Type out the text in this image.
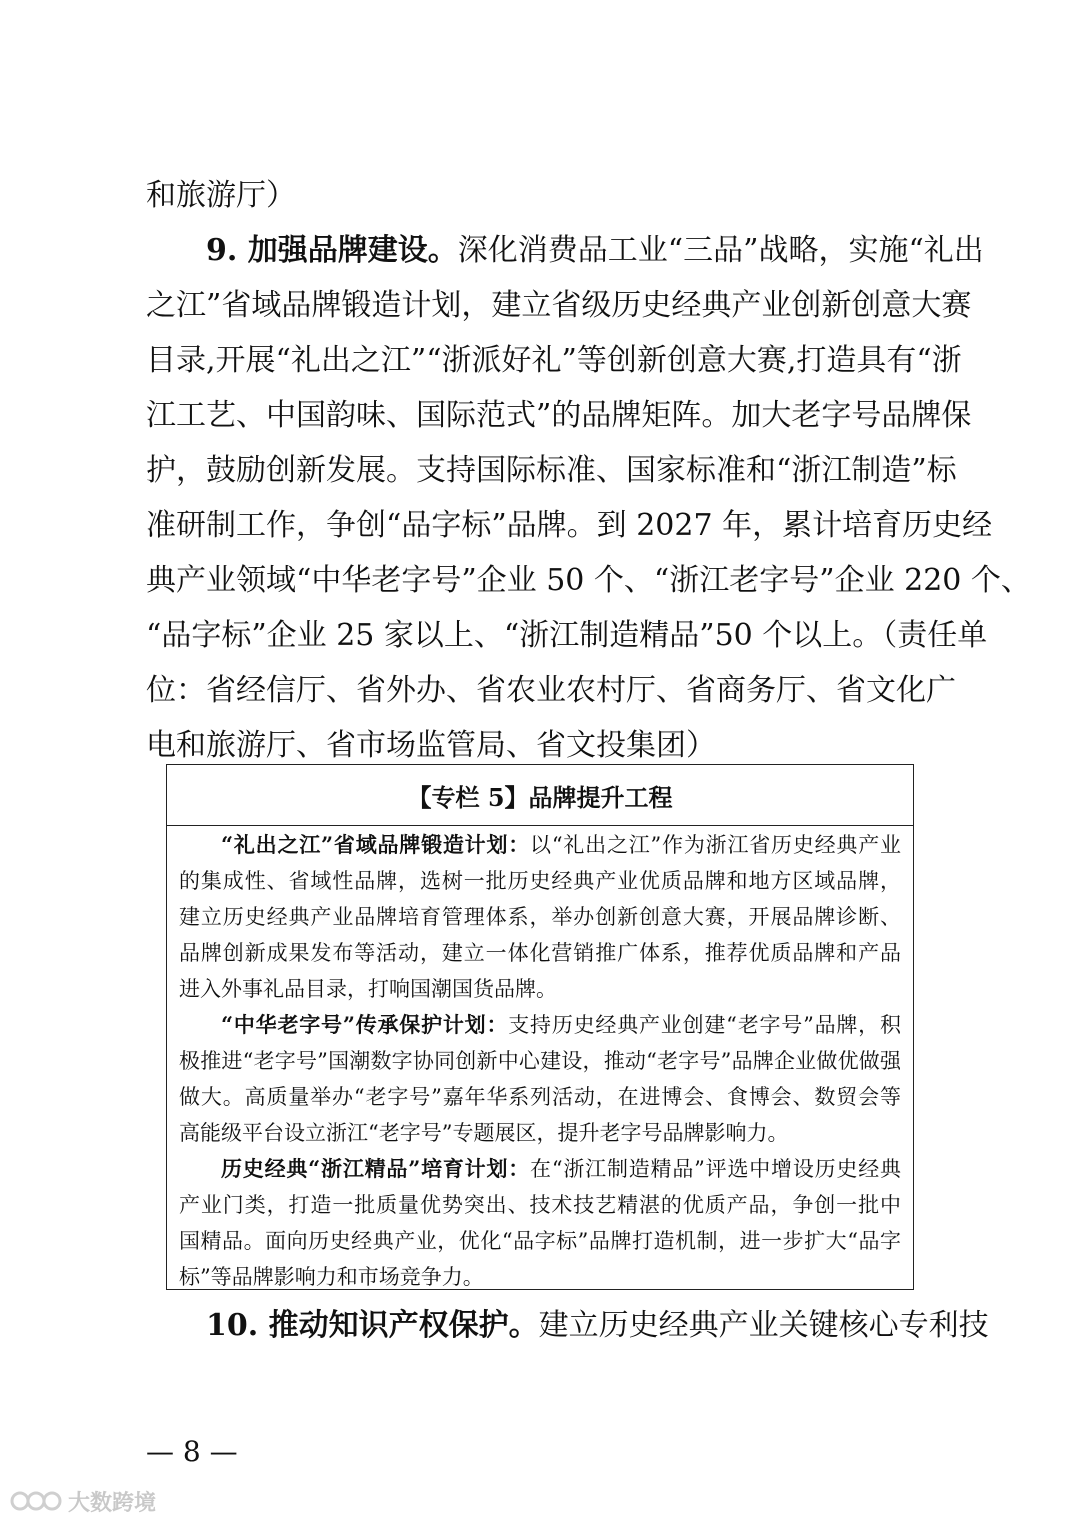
和旅游厅）
9. 加强品牌建设。深化消费品工业“三品”战略，实施“礼出
之江”省域品牌锻造计划，建立省级历史经典产业创新创意大赛
目录,开展“礼出之江”“浙派好礼”等创新创意大赛,打造具有“浙
江工艺、中国韵味、国际范式”的品牌矩阵。加大老字号品牌保
护，鼓励创新发展。支持国际标准、国家标准和“浙江制造”标
准研制工作，争创“品字标”品牌。到 2027 年，累计培育历史经
典产业领域“中华老字号”企业 50 个、“浙江老字号”企业 220 个、
“品字标”企业 25 家以上、“浙江制造精品”50 个以上。（责任单
位：省经信厅、省外办、省农业农村厅、省商务厅、省文化广
电和旅游厅、省市场监管局、省文投集团）
【专栏 5】品牌提升工程
“礼出之江”省域品牌锻造计划：以“礼出之江”作为浙江省历史经典产业
的集成性、省域性品牌，选树一批历史经典产业优质品牌和地方区域品牌，
建立历史经典产业品牌培育管理体系，举办创新创意大赛，开展品牌诊断、
品牌创新成果发布等活动，建立一体化营销推广体系，推荐优质品牌和产品
进入外事礼品目录，打响国潮国货品牌。
“中华老字号”传承保护计划：支持历史经典产业创建“老字号”品牌，积
极推进“老字号”国潮数字协同创新中心建设，推动“老字号”品牌企业做优做强
做大。高质量举办“老字号”嘉年华系列活动，在进博会、食博会、数贸会等
高能级平台设立浙江“老字号”专题展区，提升老字号品牌影响力。
历史经典“浙江精品”培育计划：在“浙江制造精品”评选中增设历史经典
产业门类，打造一批质量优势突出、技术技艺精湛的优质产品，争创一批中
国精品。面向历史经典产业，优化“品字标”品牌打造机制，进一步扩大“品字
标”等品牌影响力和市场竞争力。
10. 推动知识产权保护。建立历史经典产业关键核心专利技
— 8 —
大数跨境
